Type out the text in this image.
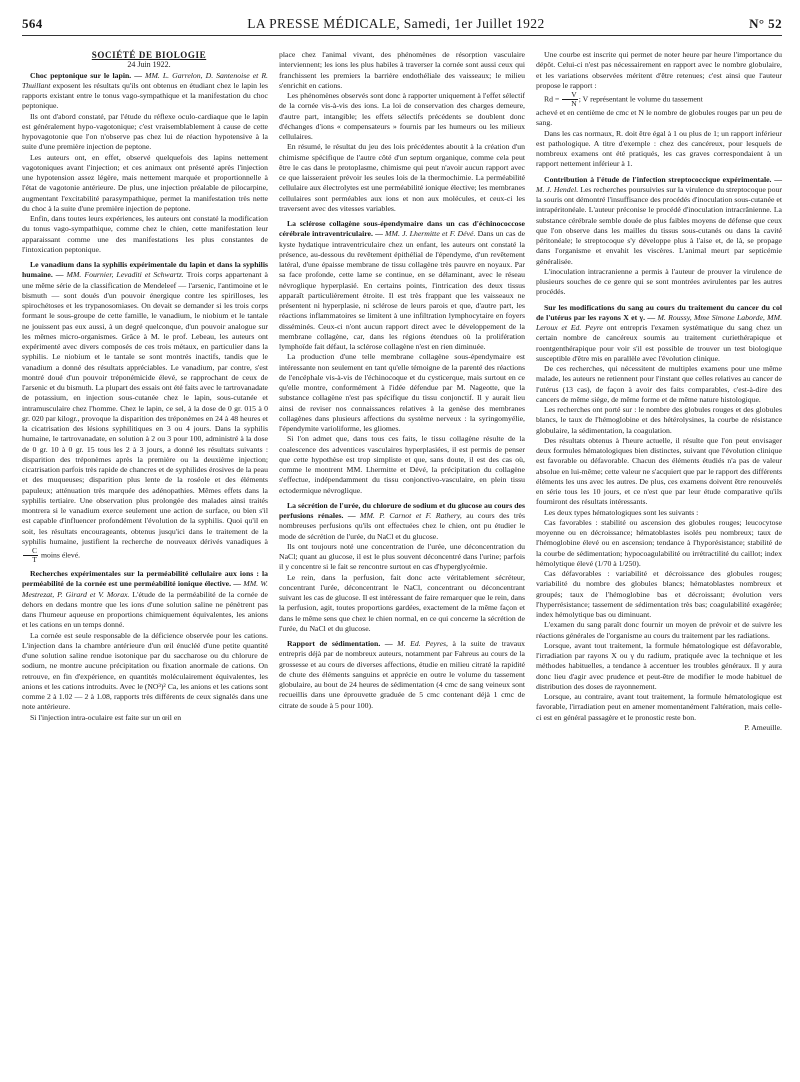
564	LA PRESSE MÉDICALE, Samedi, 1er Juillet 1922	N° 52

SOCIÉTÉ DE BIOLOGIE

24 Juin 1922.

Choc peptonique sur le lapin. — MM. L. Garrelon, D. Santenoise et R. Thuillant exposent les résultats qu'ils ont obtenus en étudiant chez le lapin les rapports existant entre le tonus vago-sympathique et la manifestation du choc peptonique.

Ils ont d'abord constaté, par l'étude du réflexe oculo-cardiaque que le lapin est généralement hypo-vagotonique; c'est vraisemblablement à cause de cette hypovagotonie que l'on n'observe pas chez lui de réaction hypotensive à la suite d'une première injection de peptone.

Les auteurs ont, en effet, observé quelquefois des lapins nettement vagotoniques avant l'injection; et ces animaux ont présenté après l'injection une hypotension assez légère, mais nettement marquée et proportionnelle à l'état de vagotonie antérieure. De plus, une injection préalable de pilocarpine, augmentant l'excitabilité parasympathique, permet la manifestation très nette du choc à la suite d'une première injection de peptone.

Enfin, dans toutes leurs expériences, les auteurs ont constaté la modification du tonus vago-sympathique, comme chez le chien, cette manifestation leur apparaissant comme une des manifestations les plus constantes de l'intoxication peptonique.

Le vanadium dans la syphilis expérimentale du lapin et dans la syphilis humaine. — MM. Fournier, Levaditi et Schwartz. Trois corps appartenant à une même série de la classification de Mendeleef — l'arsenic, l'antimoine et le bismuth — sont doués d'un pouvoir énergique contre les spirilloses, les spirochétoses et les trypanosomiases. On devait se demander si les trois corps formant le sous-groupe de cette famille, le vanadium, le niobium et le tantale ne jouissent pas eux aussi, à un degré quelconque, d'un pouvoir analogue sur les mêmes micro-organismes. Grâce à M. le prof. Lebeau, les auteurs ont expérimenté avec divers composés de ces trois métaux, en particulier dans la syphilis. Le niobium et le tantale se sont montrés inactifs, tandis que le vanadium a donné des résultats appréciables. Le vanadium, par contre, s'est montré doué d'un pouvoir tréponémicide élevé, se rapprochant de ceux de l'arsenic et du bismuth. La plupart des essais ont été faits avec le tartrovanadate de potassium, en injection sous-cutanée chez le lapin, sous-cutanée et intramusculaire chez l'homme. Chez le lapin, ce sel, à la dose de 0 gr. 015 à 0 gr. 020 par kilogr., provoque la disparition des tréponèmes en 24 à 48 heures et la cicatrisation des lésions syphilitiques en 3 ou 4 jours. Dans la syphilis humaine, le tartrovanadate, en solution à 2 ou 3 pour 100, administré à la dose de 0 gr. 10 à 0 gr. 15 tous les 2 à 3 jours, a donné les résultats suivants : disparition des tréponèmes après la première ou la deuxième injection; cicatrisation parfois très rapide de chancres et de syphilides érosives de la peau et des muqueuses; disparition plus lente de la roséole et des éléments papuleux; atténuation très marquée des adénopathies. Mêmes effets dans la syphilis tertiaire. Une observation plus prolongée des malades ainsi traités montrera si le vanadium exerce seulement une action de surface, ou bien s'il est capable d'influencer profondément l'évolution de la syphilis. Quoi qu'il en soit, les résultats encourageants, obtenus jusqu'ici dans le traitement de la syphilis humaine, justifient la recherche de nouveaux dérivés vanadiques à
$\frac{C}{T}$ moins élevé.

Recherches expérimentales sur la perméabilité cellulaire aux ions : la perméabilité de la cornée est une perméabilité ionique élective. — MM. W. Mestrezat, P. Girard et V. Morax. L'étude de la perméabilité de la cornée de dehors en dedans montre que les ions d'une solution saline ne pénètrent pas dans l'humeur aqueuse en proportions chimiquement équivalentes, les anions et les cations en un temps donné.

La cornée est seule responsable de la déficience observée pour les cations. L'injection dans la chambre antérieure d'un œil énucléé d'une petite quantité d'une solution saline rendue isotonique par du saccharose ou du chlorure de sodium, ne montre aucune précipitation ou fixation anormale de cations. On retrouve, en fin d'expérience, en quantités moléculairement équivalentes, les anions et les cations introduits. Avec le (NO³)² Ca, les anions et les cations sont comme 2 à 1.02 — 2 à 1.08, rapports très différents de ceux signalés dans une note antérieure.

Si l'injection intra-oculaire est faite sur un œil en

place chez l'animal vivant, des phénomènes de résorption vasculaire interviennent; les ions les plus habiles à traverser la cornée sont aussi ceux qui franchissent les premiers la barrière endothéliale des vaisseaux; le milieu s'enrichit en cations.

Les phénomènes observés sont donc à rapporter uniquement à l'effet sélectif de la cornée vis-à-vis des ions. La loi de conservation des charges demeure, d'autre part, intangible; les effets sélectifs précédents se doublent donc d'échanges d'ions « compensateurs » fournis par les humeurs ou les milieux cellulaires.

En résumé, le résultat du jeu des lois précédentes aboutit à la création d'un chimisme spécifique de l'autre côté d'un septum organique, comme cela peut être le cas dans le protoplasme, chimisme qui peut n'avoir aucun rapport avec ce que laisseraient prévoir les seules lois de la thermochimie. La perméabilité cellulaire aux électrolytes est une perméabilité ionique élective; les membranes cellulaires sont perméables aux ions et non aux molécules, et ceux-ci les traversent avec des vitesses variables.

La sclérose collagène sous-épendymaire dans un cas d'échinococcose cérébrale intraventriculaire. — MM. J. Lhermitte et F. Dévé. Dans un cas de kyste hydatique intraventriculaire chez un enfant, les auteurs ont constaté la présence, au-dessous du revêtement épithélial de l'épendyme, d'un revêtement latéral, d'une épaisse membrane de tissu collagène très pauvre en noyaux. Par sa face profonde, cette lame se continue, en se délaminant, avec le réseau névroglique hyperplasié. En certains points, l'intrication des deux tissus apparaît particulièrement étroite. Il est très frappant que les vaisseaux ne présentent ni hyperplasie, ni sclérose de leurs parois et que, d'autre part, les réactions inflammatoires se limitent à une infiltration lymphocytaire en foyers disséminés. Ceux-ci n'ont aucun rapport direct avec le développement de la membrane collagène, car, dans les régions étendues où la prolifération lymphoïde fait défaut, la sclérose collagène n'est en rien diminuée.

La production d'une telle membrane collagène sous-épendymaire est intéressante non seulement en tant qu'elle témoigne de la parenté des réactions de l'encéphale vis-à-vis de l'échinocoque et du cysticerque, mais surtout en ce qu'elle montre, conformément à l'idée défendue par M. Nageotte, que la substance collagène n'est pas spécifique du tissu conjonctif. Il y aurait lieu ainsi de reviser nos connaissances relatives à la genèse des membranes collagènes dans plusieurs affections du système nerveux : la syringomyélie, l'épendymite varioliforme, les gliomes.

Si l'on admet que, dans tous ces faits, le tissu collagène résulte de la coalescence des adventices vasculaires hyperplasiées, il est permis de penser que cette hypothèse est trop simpliste et que, sans doute, il est des cas où, comme le montrent MM. Lhermitte et Dévé, la précipitation du collagène s'effectue, indépendamment du tissu conjonctivo-vasculaire, en plein tissu ectodermique névroglique.

La sécrétion de l'urée, du chlorure de sodium et du glucose au cours des perfusions rénales. — MM. P. Carnot et F. Rathery, au cours des très nombreuses perfusions qu'ils ont effectuées chez le chien, ont pu étudier le mode de sécrétion de l'urée, du NaCl et du glucose.

Ils ont toujours noté une concentration de l'urée, une déconcentration du NaCl; quant au glucose, il est le plus souvent déconcentré dans l'urine; parfois il y concentre si le fait se rencontre surtout en cas d'hyperglycémie.

Le rein, dans la perfusion, fait donc acte véritablement sécréteur, concentrant l'urée, déconcentrant le NaCl, concentrant ou déconcentrant suivant les cas de glucose. Il est intéressant de faire remarquer que le rein, dans la perfusion, agit, toutes proportions gardées, exactement de la même façon et dans le même sens que chez le chien normal, en ce qui concerne la sécrétion de l'urée, du NaCl et du glucose.

Rapport de sédimentation. — M. Ed. Peyres, à la suite de travaux entrepris déjà par de nombreux auteurs, notamment par Fahreus au cours de la grossesse et au cours de diverses affections, étudie en milieu citraté la rapidité de chute des éléments sanguins et apprécie en outre le volume du tassement globulaire, au bout de 24 heures de sédimentation (4 cmc de sang veineux sont recueillis dans une éprouvette graduée de 5 cmc contenant déjà 1 cmc de citrate de soude à 5 pour 100).

Une courbe est inscrite qui permet de noter heure par heure l'importance du dépôt. Celui-ci n'est pas nécessairement en rapport avec le nombre globulaire, et les variations observées méritent d'être retenues; c'est ainsi que l'auteur propose le rapport :

$Rd = \frac{V}{N}$ ; V représentant le volume du tassement

achevé et en centième de cmc et N le nombre de globules rouges par un peu de sang.

Dans les cas normaux, R. doit être égal à 1 ou plus de 1; un rapport inférieur est pathologique. A titre d'exemple : chez des cancéreux, pour lesquels de nombreux examens ont été pratiqués, les cas graves correspondaient à un rapport nettement inférieur à 1.

Contribution à l'étude de l'infection streptococcique expérimentale. — M. J. Hendel. Les recherches poursuivies sur la virulence du streptocoque pour la souris ont démontré l'insuffisance des procédés d'inoculation sous-cutanée et intrapéritonéale. L'auteur préconise le procédé d'inoculation intracrânienne. La substance cérébrale semble douée de plus faibles moyens de défense que ceux que l'on observe dans les mailles du tissus sous-cutanés ou dans la cavité péritonéale; le streptocoque s'y développe plus à l'aise et, de là, se propage dans l'organisme et envahit les viscères. L'animal meurt par septicémie généralisée.

L'inoculation intracranienne a permis à l'auteur de prouver la virulence de plusieurs souches de ce genre qui se sont montrées avirulentes par les autres procédés.

Sur les modifications du sang au cours du traitement du cancer du col de l'utérus par les rayons X et γ. — M. Roussy, Mme Simone Laborde, MM. Leroux et Ed. Peyre ont entrepris l'examen systématique du sang chez un certain nombre de cancéreux soumis au traitement curiethérapique et roentgenthérapique pour voir s'il est possible de trouver un test biologique susceptible d'être mis en parallèle avec l'évolution clinique.

De ces recherches, qui nécessitent de multiples examens pour une même malade, les auteurs ne retiennent pour l'instant que celles relatives au cancer de l'utérus (13 cas), de façon à avoir des faits comparables, c'est-à-dire des cancers de même siège, de même forme et de même nature histologique.

Les recherches ont porté sur : le nombre des globules rouges et des globules blancs, le taux de l'hémoglobine et des hétérolysines, la courbe de résistance globulaire, la sédimentation, la coagulation.

Des résultats obtenus à l'heure actuelle, il résulte que l'on peut envisager deux formules hématologiques bien distinctes, suivant que l'évolution clinique est favorable ou défavorable. Chacun des éléments étudiés n'a pas de valeur absolue en lui-même; cette valeur ne s'acquiert que par le rapport des différents éléments les uns avec les autres. De plus, ces examens doivent être renouvelés en série tous les 10 jours, et ce n'est que par leur étude comparative qu'ils fourniront des résultats intéressants.

Les deux types hématologiques sont les suivants :

Cas favorables : stabilité ou ascension des globules rouges; leucocytose moyenne ou en décroissance; hématoblastes isolés peu nombreux; taux de l'hémoglobine élevé ou en ascension; tendance à l'hyporésistance; stabilité de la courbe de sédimentation; hypocoagulabilité ou irrétractilité du caillot; index hémolytique élevé (1/70 à 1/250).

Cas défavorables : variabilité et décroissance des globules rouges; variabilité du nombre des globules blancs; hématoblastes nombreux et groupés; taux de l'hémoglobine bas et décroissant; évolution vers l'hyperrésistance; tassement de sédimentation très bas; coagulabilité exagérée; index hémolytique bas ou diminuant.

L'examen du sang paraît donc fournir un moyen de prévoir et de suivre les réactions générales de l'organisme au cours du traitement par les radiations.

Lorsque, avant tout traitement, la formule hématologique est défavorable, l'irradiation par rayons X ou γ du radium, pratiquée avec la technique et les méthodes habituelles, a tendance à accentuer les troubles généraux. Il y aura donc lieu d'agir avec prudence et peut-être de modifier le mode habituel de distribution des doses de rayonnement.

Lorsque, au contraire, avant tout traitement, la formule hématologique est favorable, l'irradiation peut en amener momentanément l'altération, mais celle-ci est en général passagère et le pronostic reste bon.

P. Ameuille.
